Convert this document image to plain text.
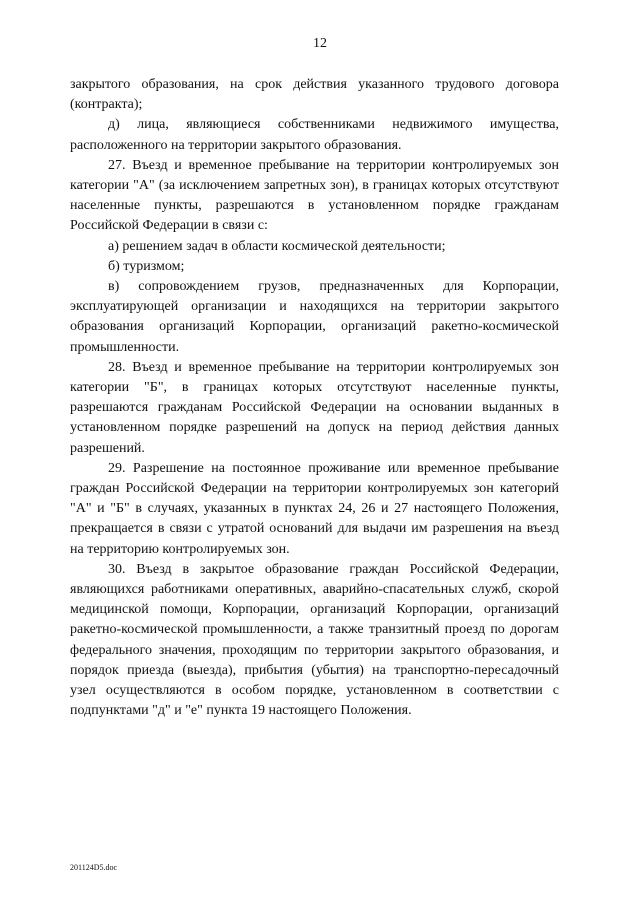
12

закрытого образования, на срок действия указанного трудового договора (контракта);

д) лица, являющиеся собственниками недвижимого имущества, расположенного на территории закрытого образования.

27. Въезд и временное пребывание на территории контролируемых зон категории "А" (за исключением запретных зон), в границах которых отсутствуют населенные пункты, разрешаются в установленном порядке гражданам Российской Федерации в связи с:

а) решением задач в области космической деятельности;

б) туризмом;

в) сопровождением грузов, предназначенных для Корпорации, эксплуатирующей организации и находящихся на территории закрытого образования организаций Корпорации, организаций ракетно-космической промышленности.

28. Въезд и временное пребывание на территории контролируемых зон категории "Б", в границах которых отсутствуют населенные пункты, разрешаются гражданам Российской Федерации на основании выданных в установленном порядке разрешений на допуск на период действия данных разрешений.

29. Разрешение на постоянное проживание или временное пребывание граждан Российской Федерации на территории контролируемых зон категорий "А" и "Б" в случаях, указанных в пунктах 24, 26 и 27 настоящего Положения, прекращается в связи с утратой оснований для выдачи им разрешения на въезд на территорию контролируемых зон.

30. Въезд в закрытое образование граждан Российской Федерации, являющихся работниками оперативных, аварийно-спасательных служб, скорой медицинской помощи, Корпорации, организаций Корпорации, организаций ракетно-космической промышленности, а также транзитный проезд по дорогам федерального значения, проходящим по территории закрытого образования, и порядок приезда (выезда), прибытия (убытия) на транспортно-пересадочный узел осуществляются в особом порядке, установленном в соответствии с подпунктами "д" и "е" пункта 19 настоящего Положения.

201124D5.doc
